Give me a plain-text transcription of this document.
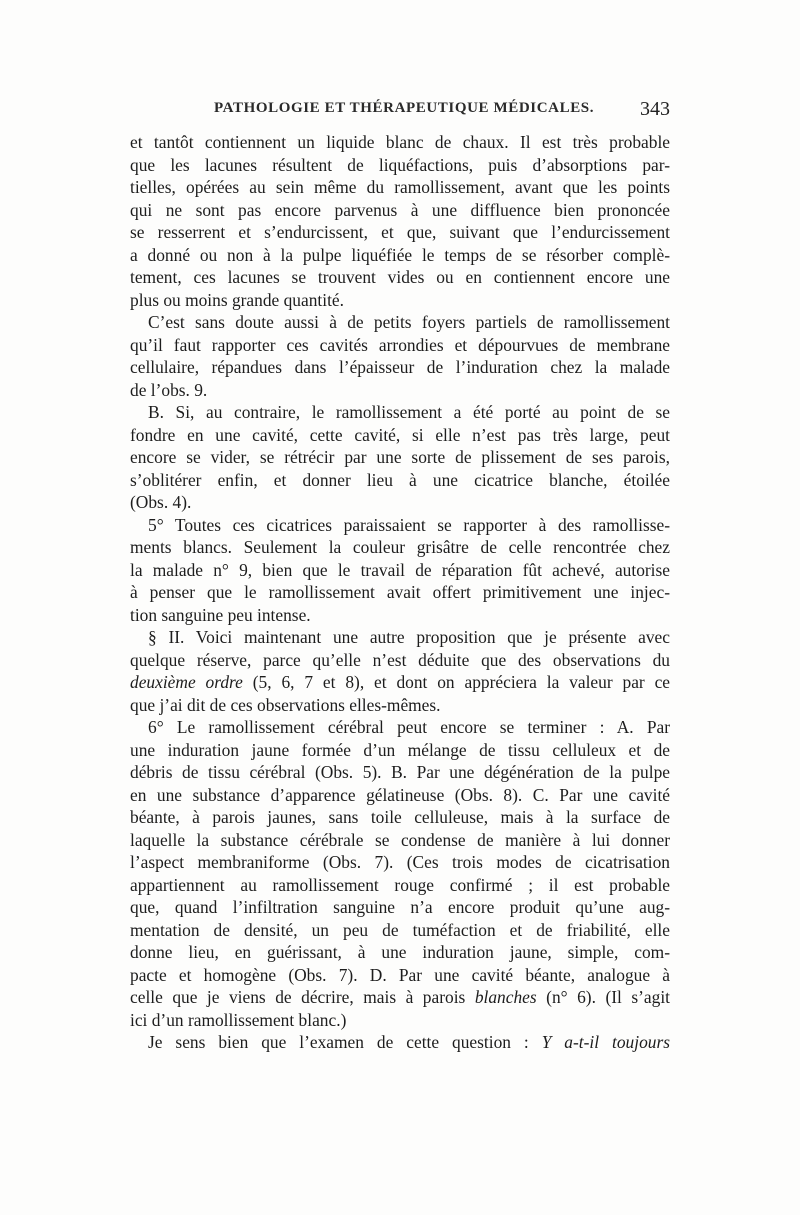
PATHOLOGIE ET THÉRAPEUTIQUE MÉDICALES. 343
et tantôt contiennent un liquide blanc de chaux. Il est très probable
que les lacunes résultent de liquéfactions, puis d’absorptions par-
tielles, opérées au sein même du ramollissement, avant que les points
qui ne sont pas encore parvenus à une diffluence bien prononcée
se resserrent et s’endurcissent, et que, suivant que l’endurcissement
a donné ou non à la pulpe liquéfiée le temps de se résorber complè-
tement, ces lacunes se trouvent vides ou en contiennent encore une
plus ou moins grande quantité.
C’est sans doute aussi à de petits foyers partiels de ramollissement
qu’il faut rapporter ces cavités arrondies et dépourvues de membrane
cellulaire, répandues dans l’épaisseur de l’induration chez la malade
de l’obs. 9.
B. Si, au contraire, le ramollissement a été porté au point de se
fondre en une cavité, cette cavité, si elle n’est pas très large, peut
encore se vider, se rétrécir par une sorte de plissement de ses parois,
s’oblitérer enfin, et donner lieu à une cicatrice blanche, étoilée
(Obs. 4).
5° Toutes ces cicatrices paraissaient se rapporter à des ramollisse-
ments blancs. Seulement la couleur grisâtre de celle rencontrée chez
la malade n° 9, bien que le travail de réparation fût achevé, autorise
à penser que le ramollissement avait offert primitivement une injec-
tion sanguine peu intense.
§ II. Voici maintenant une autre proposition que je présente avec
quelque réserve, parce qu’elle n’est déduite que des observations du
deuxième ordre (5, 6, 7 et 8), et dont on appréciera la valeur par ce
que j’ai dit de ces observations elles-mêmes.
6° Le ramollissement cérébral peut encore se terminer : A. Par
une induration jaune formée d’un mélange de tissu celluleux et de
débris de tissu cérébral (Obs. 5). B. Par une dégénération de la pulpe
en une substance d’apparence gélatineuse (Obs. 8). C. Par une cavité
béante, à parois jaunes, sans toile celluleuse, mais à la surface de
laquelle la substance cérébrale se condense de manière à lui donner
l’aspect membraniforme (Obs. 7). (Ces trois modes de cicatrisation
appartiennent au ramollissement rouge confirmé ; il est probable
que, quand l’infiltration sanguine n’a encore produit qu’une aug-
mentation de densité, un peu de tuméfaction et de friabilité, elle
donne lieu, en guérissant, à une induration jaune, simple, com-
pacte et homogène (Obs. 7). D. Par une cavité béante, analogue à
celle que je viens de décrire, mais à parois blanches (n° 6). (Il s’agit
ici d’un ramollissement blanc.)
Je sens bien que l’examen de cette question : Y a-t-il toujours
